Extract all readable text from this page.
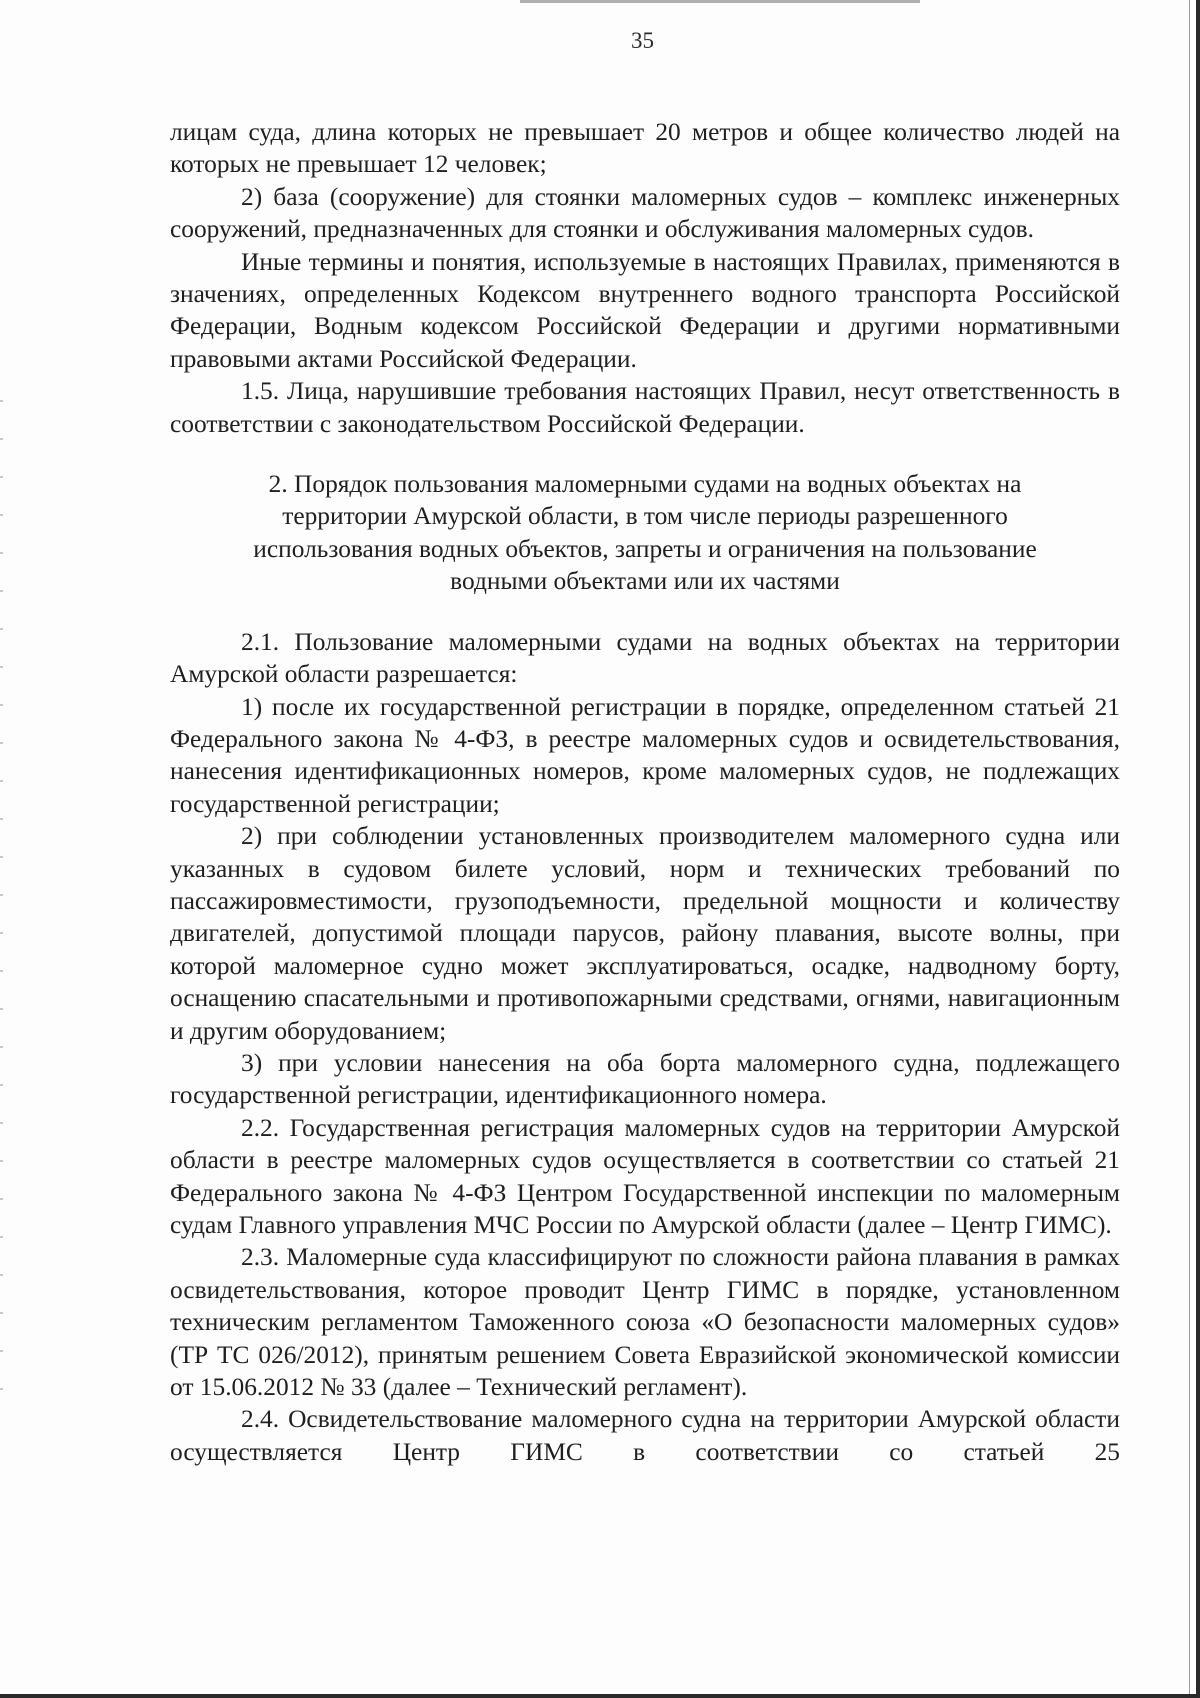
35

лицам суда, длина которых не превышает 20 метров и общее количество людей на которых не превышает 12 человек;

2) база (сооружение) для стоянки маломерных судов – комплекс инженерных сооружений, предназначенных для стоянки и обслуживания маломерных судов.

Иные термины и понятия, используемые в настоящих Правилах, применяются в значениях, определенных Кодексом внутреннего водного транспорта Российской Федерации, Водным кодексом Российской Федерации и другими нормативными правовыми актами Российской Федерации.

1.5. Лица, нарушившие требования настоящих Правил, несут ответственность в соответствии с законодательством Российской Федерации.

2. Порядок пользования маломерными судами на водных объектах на
территории Амурской области, в том числе периоды разрешенного
использования водных объектов, запреты и ограничения на пользование
водными объектами или их частями

2.1. Пользование маломерными судами на водных объектах на территории Амурской области разрешается:

1) после их государственной регистрации в порядке, определенном статьей 21 Федерального закона № 4-ФЗ, в реестре маломерных судов и освидетельствования, нанесения идентификационных номеров, кроме маломерных судов, не подлежащих государственной регистрации;

2) при соблюдении установленных производителем маломерного судна или указанных в судовом билете условий, норм и технических требований по пассажировместимости, грузоподъемности, предельной мощности и количеству двигателей, допустимой площади парусов, району плавания, высоте волны, при которой маломерное судно может эксплуатироваться, осадке, надводному борту, оснащению спасательными и противопожарными средствами, огнями, навигационным и другим оборудованием;

3) при условии нанесения на оба борта маломерного судна, подлежащего государственной регистрации, идентификационного номера.

2.2. Государственная регистрация маломерных судов на территории Амурской области в реестре маломерных судов осуществляется в соответствии со статьей 21 Федерального закона № 4-ФЗ Центром Государственной инспекции по маломерным судам Главного управления МЧС России по Амурской области (далее – Центр ГИМС).

2.3. Маломерные суда классифицируют по сложности района плавания в рамках освидетельствования, которое проводит Центр ГИМС в порядке, установленном техническим регламентом Таможенного союза «О безопасности маломерных судов» (ТР ТС 026/2012), принятым решением Совета Евразийской экономической комиссии от 15.06.2012 № 33 (далее – Технический регламент).

2.4. Освидетельствование маломерного судна на территории Амурской области осуществляется Центр ГИМС в соответствии со статьей 25
